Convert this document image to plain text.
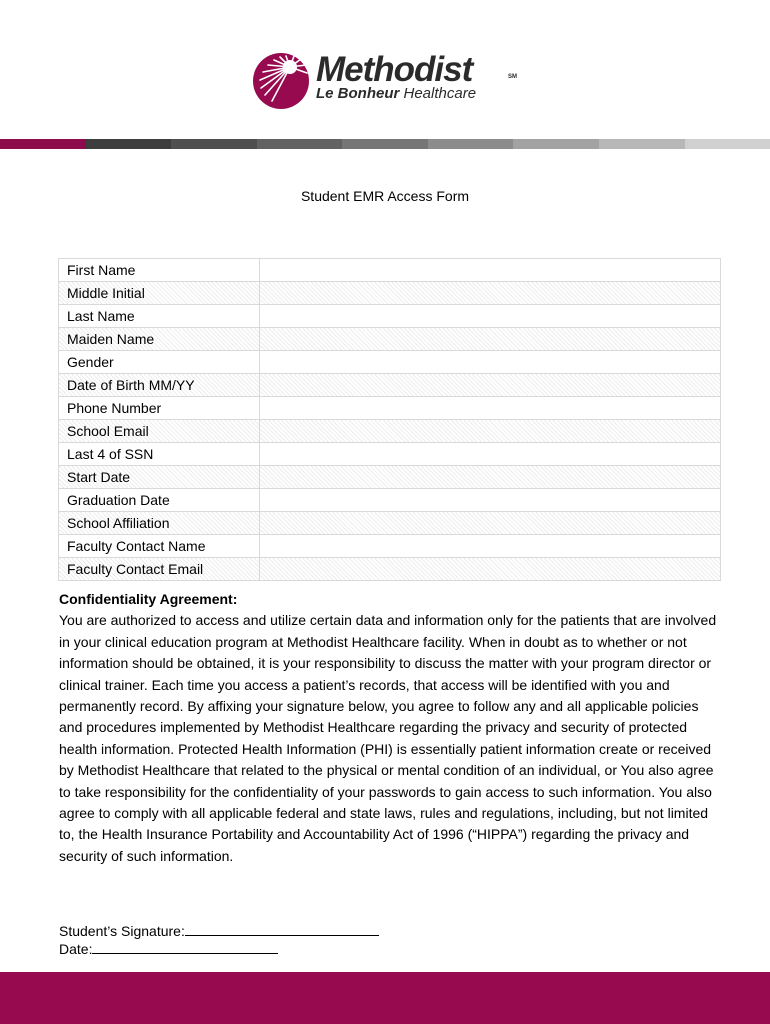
Methodist	SM
Le Bonheur Healthcare
Student EMR Access Form
First Name	
Middle Initial	
Last Name	
Maiden Name	
Gender	
Date of Birth MM/YY	
Phone Number	
School Email	
Last 4 of SSN	
Start Date	
Graduation Date	
School Affiliation	
Faculty Contact Name	
Faculty Contact Email	
Confidentiality Agreement:
You are authorized to access and utilize certain data and information only for the patients that are involved in your clinical education program at Methodist Healthcare facility. When in doubt as to whether or not information should be obtained, it is your responsibility to discuss the matter with your program director or clinical trainer. Each time you access a patient’s records, that access will be identified with you and permanently record. By affixing your signature below, you agree to follow any and all applicable policies and procedures implemented by Methodist Healthcare regarding the privacy and security of protected health information. Protected Health Information (PHI) is essentially patient information create or received by Methodist Healthcare that related to the physical or mental condition of an individual, or You also agree to take responsibility for the confidentiality of your passwords to gain access to such information. You also agree to comply with all applicable federal and state laws, rules and regulations, including, but not limited to, the Health Insurance Portability and Accountability Act of 1996 (“HIPPA”) regarding the privacy and security of such information.
Student’s Signature:
Date:
